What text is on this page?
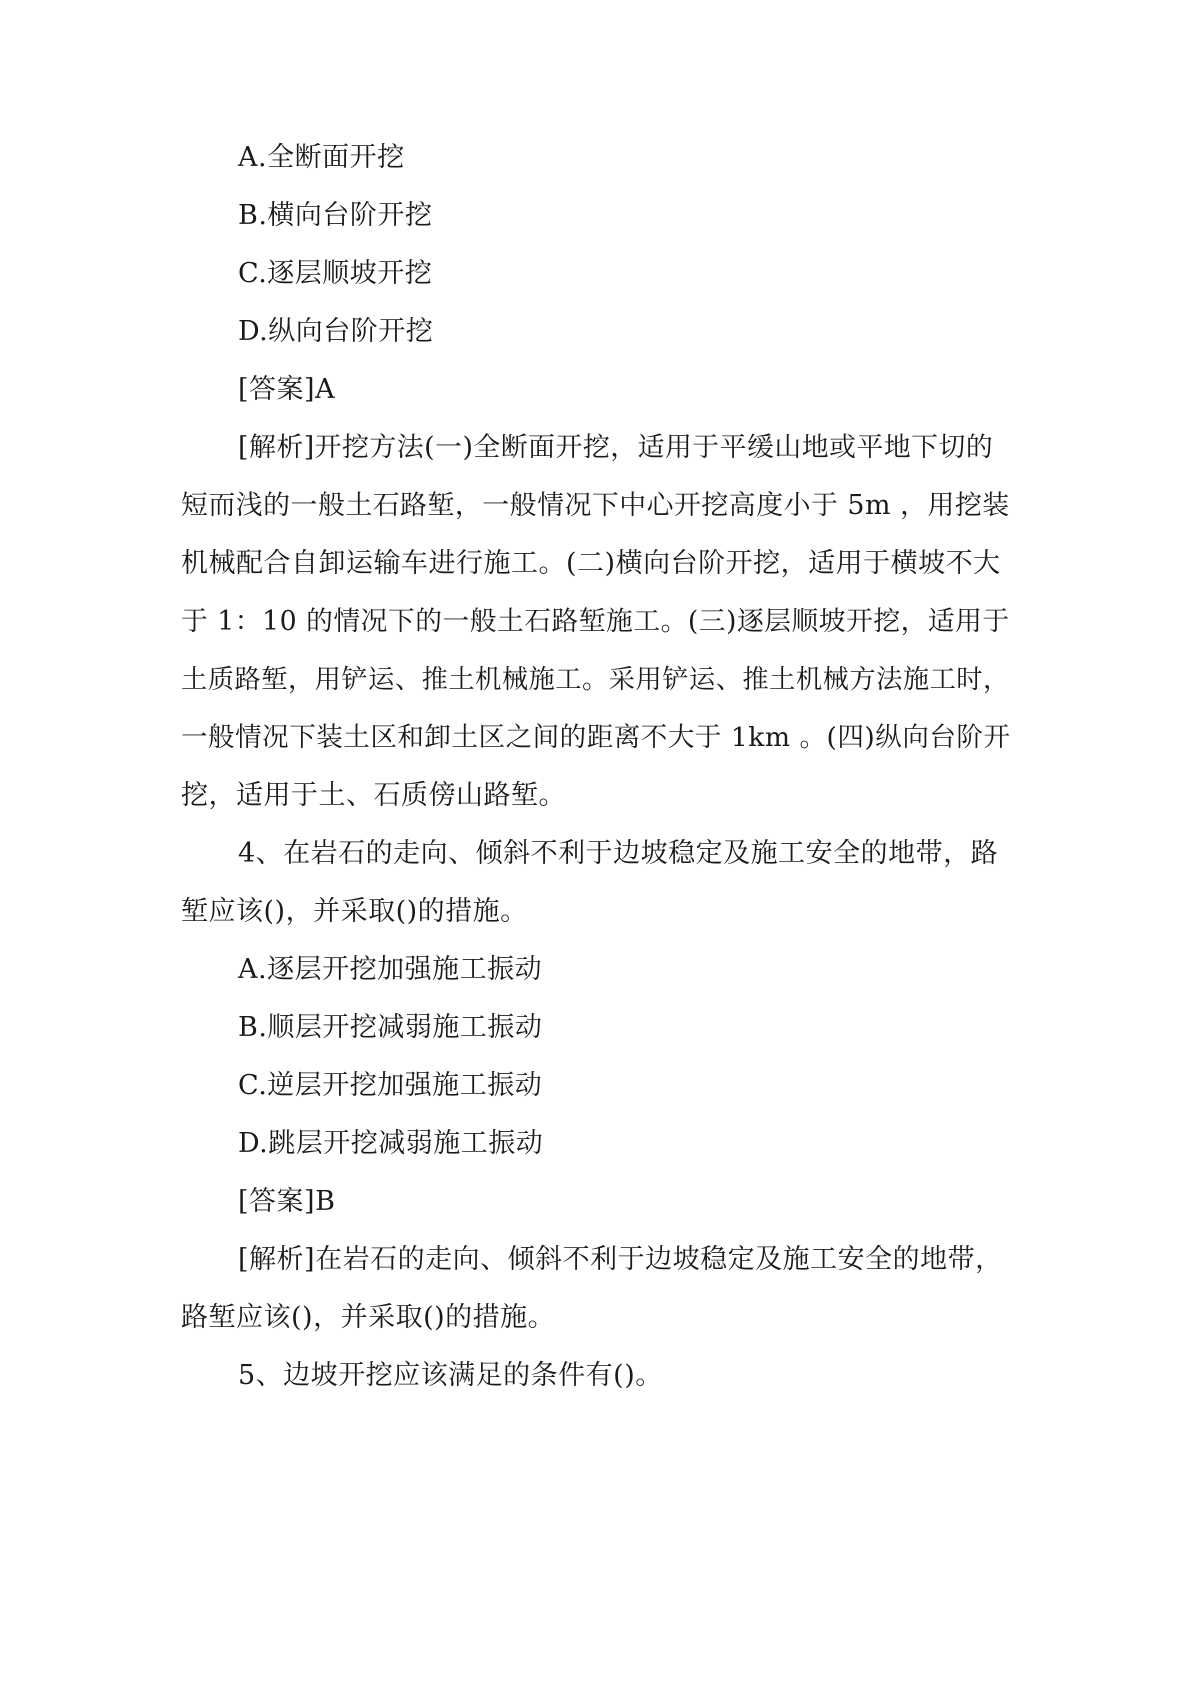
A.全断面开挖
B.横向台阶开挖
C.逐层顺坡开挖
D.纵向台阶开挖
[答案]A
[解析]开挖方法(一)全断面开挖，适用于平缓山地或平地下切的
短而浅的一般土石路堑，一般情况下中心开挖高度小于 5m ，用挖装
机械配合自卸运输车进行施工。(二)横向台阶开挖，适用于横坡不大
于 1：10 的情况下的一般土石路堑施工。(三)逐层顺坡开挖，适用于
土质路堑，用铲运、推土机械施工。采用铲运、推土机械方法施工时，
一般情况下装土区和卸土区之间的距离不大于 1km 。(四)纵向台阶开
挖，适用于土、石质傍山路堑。
4、在岩石的走向、倾斜不利于边坡稳定及施工安全的地带，路
堑应该()，并采取()的措施。
A.逐层开挖加强施工振动
B.顺层开挖减弱施工振动
C.逆层开挖加强施工振动
D.跳层开挖减弱施工振动
[答案]B
[解析]在岩石的走向、倾斜不利于边坡稳定及施工安全的地带，
路堑应该()，并采取()的措施。
5、边坡开挖应该满足的条件有()。
